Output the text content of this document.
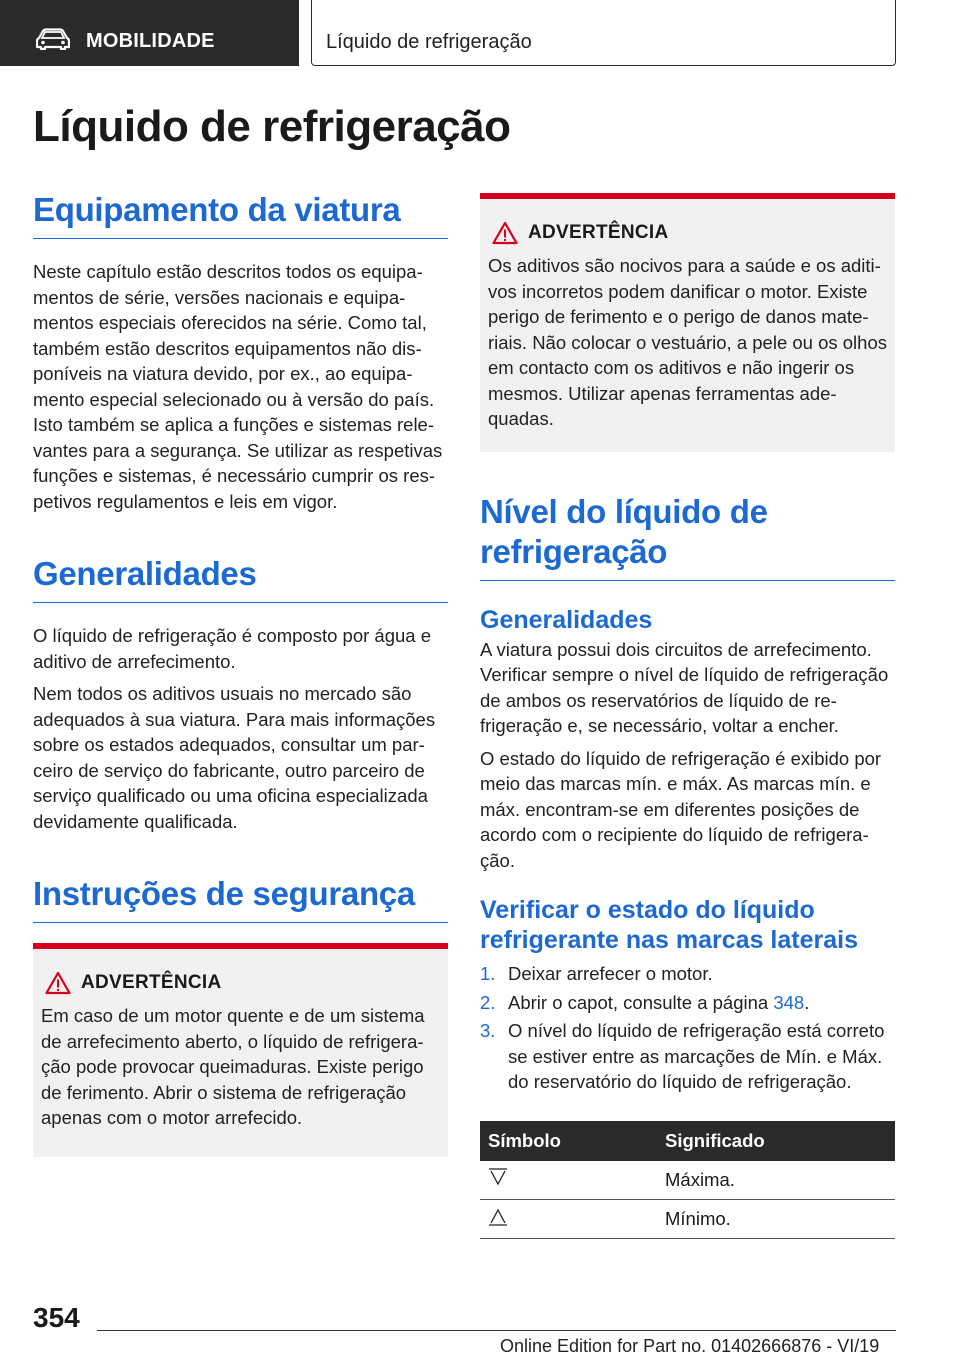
MOBILIDADE	Líquido de refrigeração
Líquido de refrigeração
Equipamento da viatura

Neste capítulo estão descritos todos os equipamentos de série, versões nacionais e equipamentos especiais oferecidos na série. Como tal, também estão descritos equipamentos não disponíveis na viatura devido, por ex., ao equipamento especial selecionado ou à versão do país. Isto também se aplica a funções e sistemas relevantes para a segurança. Se utilizar as respetivas funções e sistemas, é necessário cumprir os respetivos regulamentos e leis em vigor.

Generalidades

O líquido de refrigeração é composto por água e aditivo de arrefecimento.

Nem todos os aditivos usuais no mercado são adequados à sua viatura. Para mais informações sobre os estados adequados, consultar um parceiro de serviço do fabricante, outro parceiro de serviço qualificado ou uma oficina especializada devidamente qualificada.

Instruções de segurança
ADVERTÊNCIA

Em caso de um motor quente e de um sistema de arrefecimento aberto, o líquido de refrigeração pode provocar queimaduras. Existe perigo de ferimento. Abrir o sistema de refrigeração apenas com o motor arrefecido.

ADVERTÊNCIA

Os aditivos são nocivos para a saúde e os aditivos incorretos podem danificar o motor. Existe perigo de ferimento e o perigo de danos materiais. Não colocar o vestuário, a pele ou os olhos em contacto com os aditivos e não ingerir os mesmos. Utilizar apenas ferramentas adequadas.

Nível do líquido de refrigeração
Generalidades

A viatura possui dois circuitos de arrefecimento. Verificar sempre o nível de líquido de refrigeração de ambos os reservatórios de líquido de refrigeração e, se necessário, voltar a encher.

O estado do líquido de refrigeração é exibido por meio das marcas mín. e máx. As marcas mín. e máx. encontram-se em diferentes posições de acordo com o recipiente do líquido de refrigeração.

Verificar o estado do líquido refrigerante nas marcas laterais
1. Deixar arrefecer o motor.
2. Abrir o capot, consulte a página 348.
3. O nível do líquido de refrigeração está correto se estiver entre as marcações de Mín. e Máx. do reservatório do líquido de refrigeração.
Símbolo	Significado
	Máxima.
	Mínimo.
354
Online Edition for Part no. 01402666876 - VI/19
